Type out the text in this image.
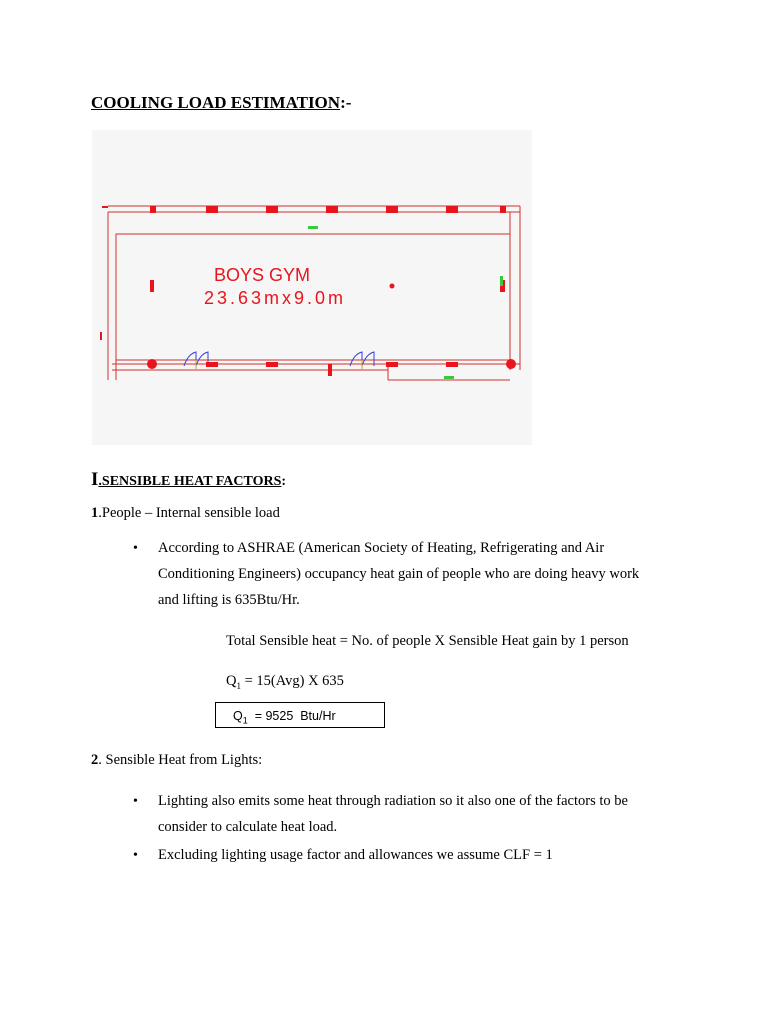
COOLING LOAD ESTIMATION:-
BOYS GYM
23.63mx9.0m
I.SENSIBLE HEAT FACTORS:
1.People – Internal sensible load
• According to ASHRAE (American Society of Heating, Refrigerating and Air
Conditioning Engineers) occupancy heat gain of people who are doing heavy work
and lifting is 635Btu/Hr.
Total Sensible heat = No. of people X Sensible Heat gain by 1 person
$Q_1 = 15(Avg)$ X 635
$Q_1 = 9525$  Btu/Hr
2. Sensible Heat from Lights:
• Lighting also emits some heat through radiation so it also one of the factors to be
consider to calculate heat load.
• Excluding lighting usage factor and allowances we assume CLF = 1
